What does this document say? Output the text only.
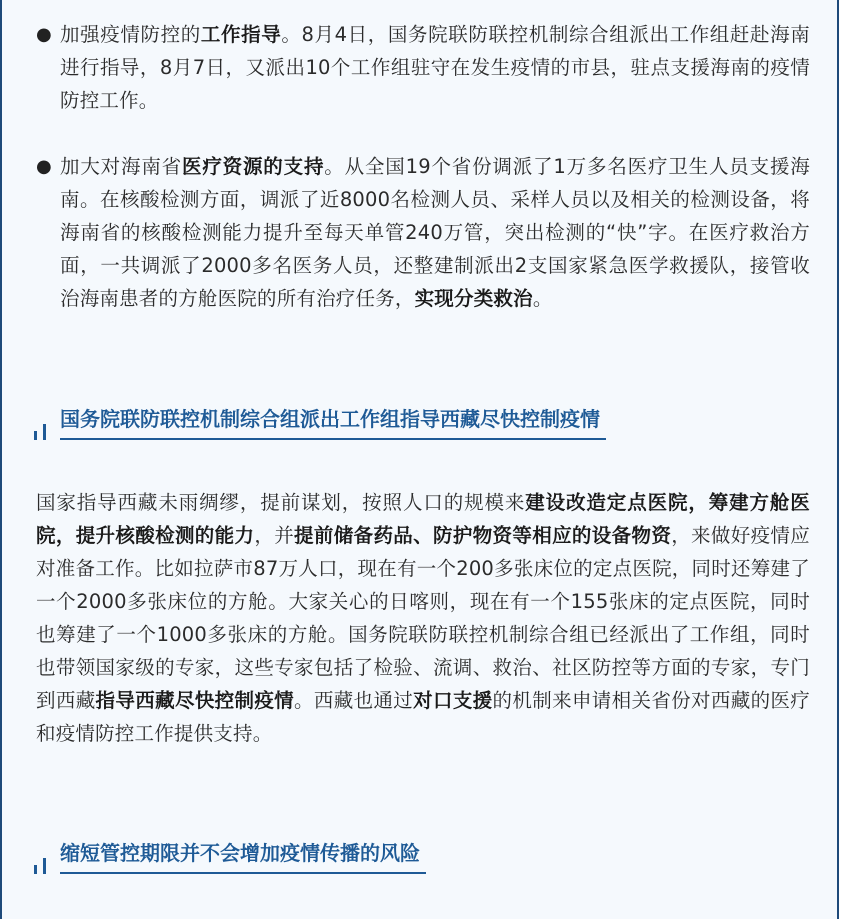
● 加强疫情防控的工作指导。8月4日，国务院联防联控机制综合组派出工作组赶赴海南进行指导，8月7日，又派出10个工作组驻守在发生疫情的市县，驻点支援海南的疫情防控工作。
● 加大对海南省医疗资源的支持。从全国19个省份调派了1万多名医疗卫生人员支援海南。在核酸检测方面，调派了近8000名检测人员、采样人员以及相关的检测设备，将海南省的核酸检测能力提升至每天单管240万管，突出检测的“快”字。在医疗救治方面，一共调派了2000多名医务人员，还整建制派出2支国家紧急医学救援队，接管收治海南患者的方舱医院的所有治疗任务，实现分类救治。
国务院联防联控机制综合组派出工作组指导西藏尽快控制疫情
国家指导西藏未雨绸缪，提前谋划，按照人口的规模来建设改造定点医院，筹建方舱医院，提升核酸检测的能力，并提前储备药品、防护物资等相应的设备物资，来做好疫情应对准备工作。比如拉萨市87万人口，现在有一个200多张床位的定点医院，同时还筹建了一个2000多张床位的方舱。大家关心的日喀则，现在有一个155张床的定点医院，同时也筹建了一个1000多张床的方舱。国务院联防联控机制综合组已经派出了工作组，同时也带领国家级的专家，这些专家包括了检验、流调、救治、社区防控等方面的专家，专门到西藏指导西藏尽快控制疫情。西藏也通过对口支援的机制来申请相关省份对西藏的医疗和疫情防控工作提供支持。
缩短管控期限并不会增加疫情传播的风险
